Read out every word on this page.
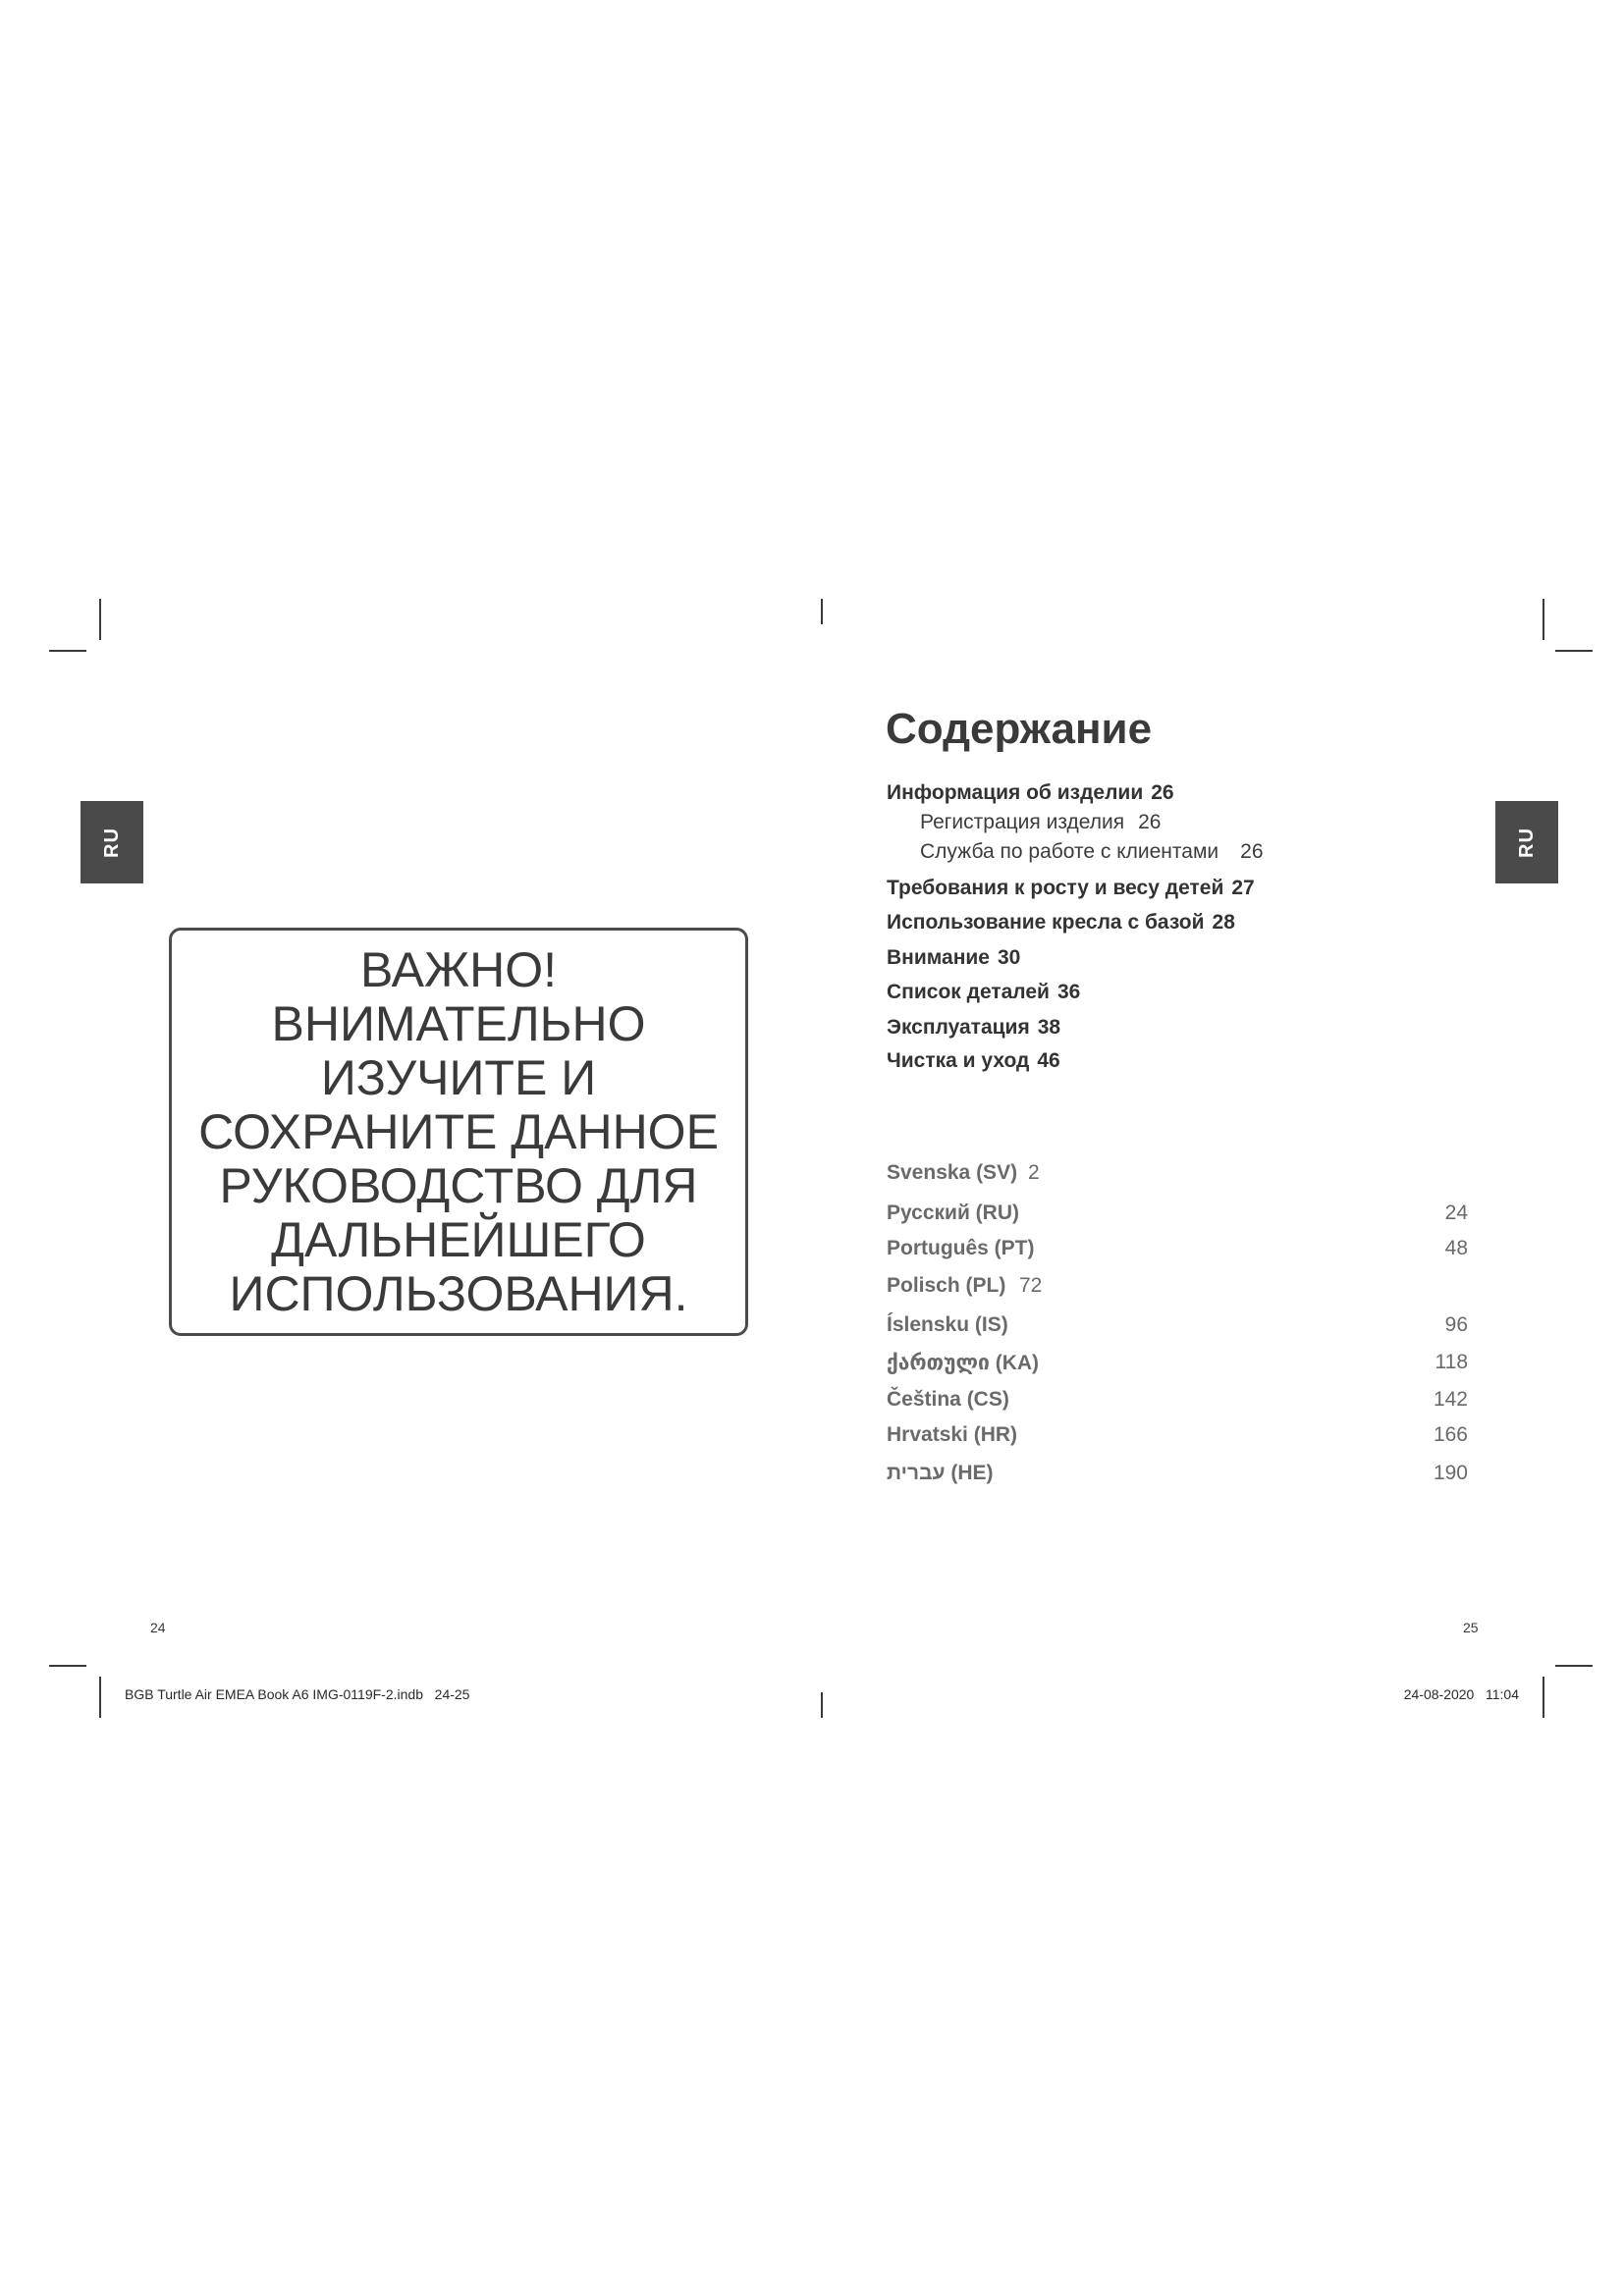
RU	RU
ВАЖНО!
ВНИМАТЕЛЬНО
ИЗУЧИТЕ И
СОХРАНИТЕ ДАННОЕ
РУКОВОДСТВО ДЛЯ
ДАЛЬНЕЙШЕГО
ИСПОЛЬЗОВАНИЯ.
Содержание
Информация об изделии 26
Регистрация изделия 26
Служба по работе с клиентами 26
Требования к росту и весу детей 27
Использование кресла с базой 28
Внимание 30
Список деталей 36
Эксплуатация 38
Чистка и уход 46
Svenska (SV) 2
Русский (RU)	24
Português (PT)	48
Polisch (PL) 72
Íslensku (IS)	96
ქართული (KA)	118
Čeština (CS)	142
Hrvatski (HR)	166
עברית (HE)	190
24	25
BGB Turtle Air EMEA Book A6 IMG-0119F-2.indb   24-25	24-08-2020   11:04
